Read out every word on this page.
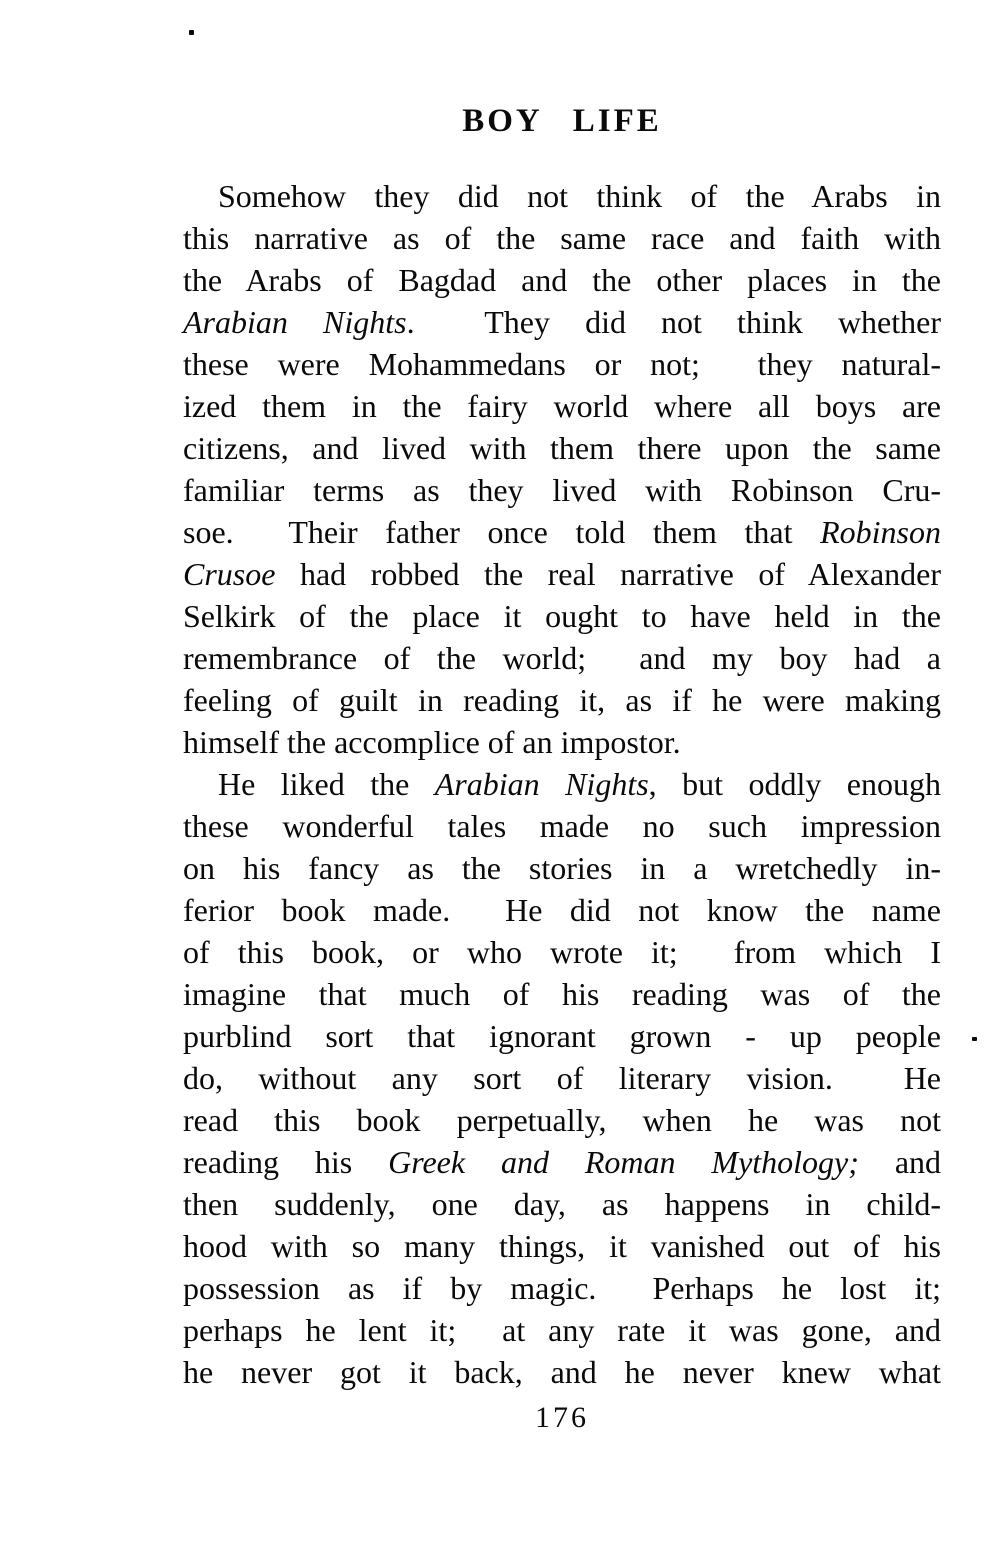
BOY LIFE
Somehow they did not think of the Arabs in
this narrative as of the same race and faith with
the Arabs of Bagdad and the other places in the
Arabian Nights.  They did not think whether
these were Mohammedans or not;  they natural-
ized them in the fairy world where all boys are
citizens, and lived with them there upon the same
familiar terms as they lived with Robinson Cru-
soe.  Their father once told them that Robinson
Crusoe had robbed the real narrative of Alexander
Selkirk of the place it ought to have held in the
remembrance of the world;  and my boy had a
feeling of guilt in reading it, as if he were making
himself the accomplice of an impostor.
He liked the Arabian Nights, but oddly enough
these wonderful tales made no such impression
on his fancy as the stories in a wretchedly in-
ferior book made.  He did not know the name
of this book, or who wrote it;  from which I
imagine that much of his reading was of the
purblind sort that ignorant grown - up people
do, without any sort of literary vision.  He
read this book perpetually, when he was not
reading his Greek and Roman Mythology; and
then suddenly, one day, as happens in child-
hood with so many things, it vanished out of his
possession as if by magic.  Perhaps he lost it;
perhaps he lent it;  at any rate it was gone, and
he never got it back, and he never knew what
176
